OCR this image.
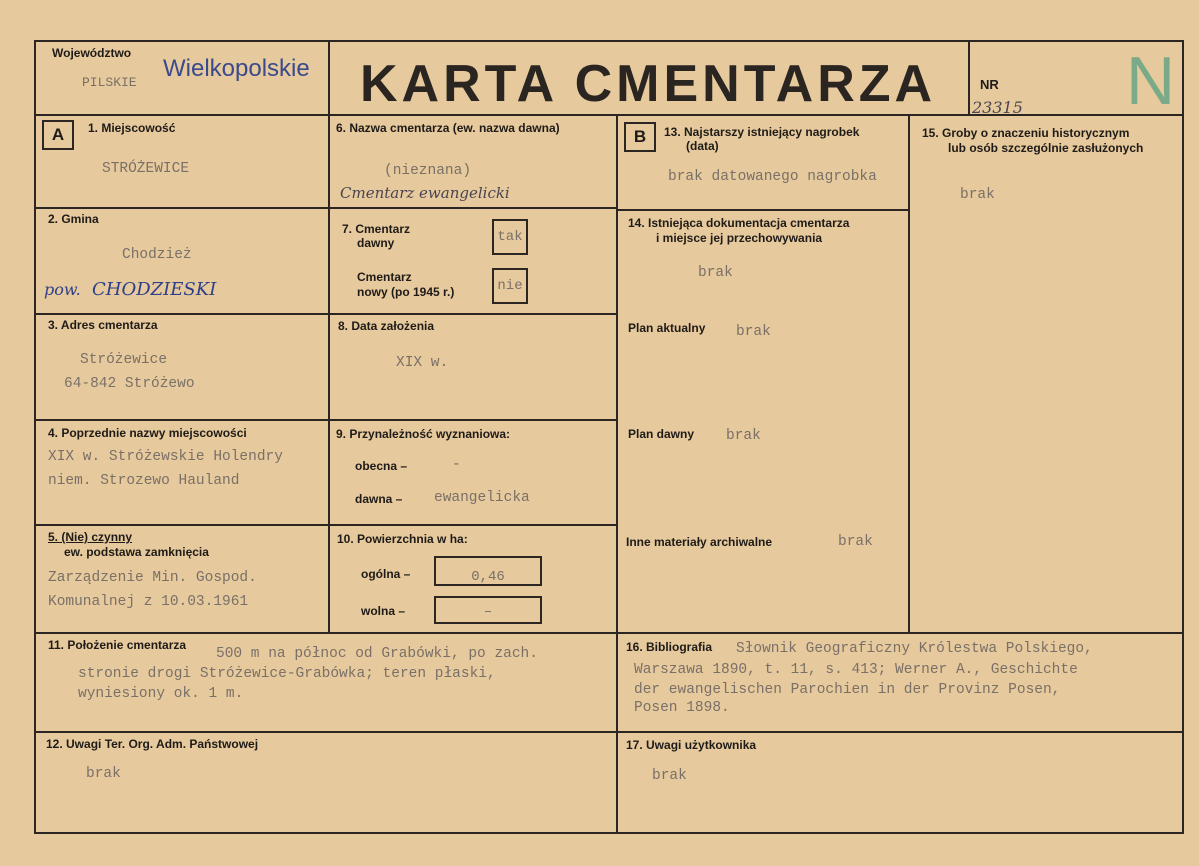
Województwo
PILSKIE
Wielkopolskie KARTA CMENTARZA	NR
23315 N
A	B
1. Miejscowość
STRÓŻEWICE
2. Gmina
Chodzież
pow. CHODZIESKI
3. Adres cmentarza
Stróżewice
64-842 Stróżewo
4. Poprzednie nazwy miejscowości
XIX w. Stróżewskie Holendry
niem. Strozewo Hauland
5. (Nie) czynny
ew. podstawa zamknięcia
Zarządzenie Min. Gospod.
Komunalnej z 10.03.1961
6. Nazwa cmentarza (ew. nazwa dawna)
(nieznana)
Cmentarz ewangelicki
7. Cmentarz
dawny	tak
Cmentarz
nowy (po 1945 r.)	nie
8. Data założenia
XIX w.
9. Przynależność wyznaniowa:
obecna –	-
dawna – ewangelicka
10. Powierzchnia w ha:
ogólna –	0,46
wolna –	–
11. Położenie cmentarza
500 m na północ od Grabówki, po zach.
stronie drogi Stróżewice-Grabówka; teren płaski,
wyniesiony ok. 1 m.
12. Uwagi Ter. Org. Adm. Państwowej
brak
13. Najstarszy istniejący nagrobek
(data)
brak datowanego nagrobka
14. Istniejąca dokumentacja cmentarza
i miejsce jej przechowywania
brak
Plan aktualny brak
Plan dawny brak
Inne materiały archiwalne	brak
15. Groby o znaczeniu historycznym
lub osób szczególnie zasłużonych
brak
16. Bibliografia Słownik Geograficzny Królestwa Polskiego,
Warszawa 1890, t. 11, s. 413; Werner A., Geschichte
der ewangelischen Parochien in der Provinz Posen,
Posen 1898.
17. Uwagi użytkownika
brak
